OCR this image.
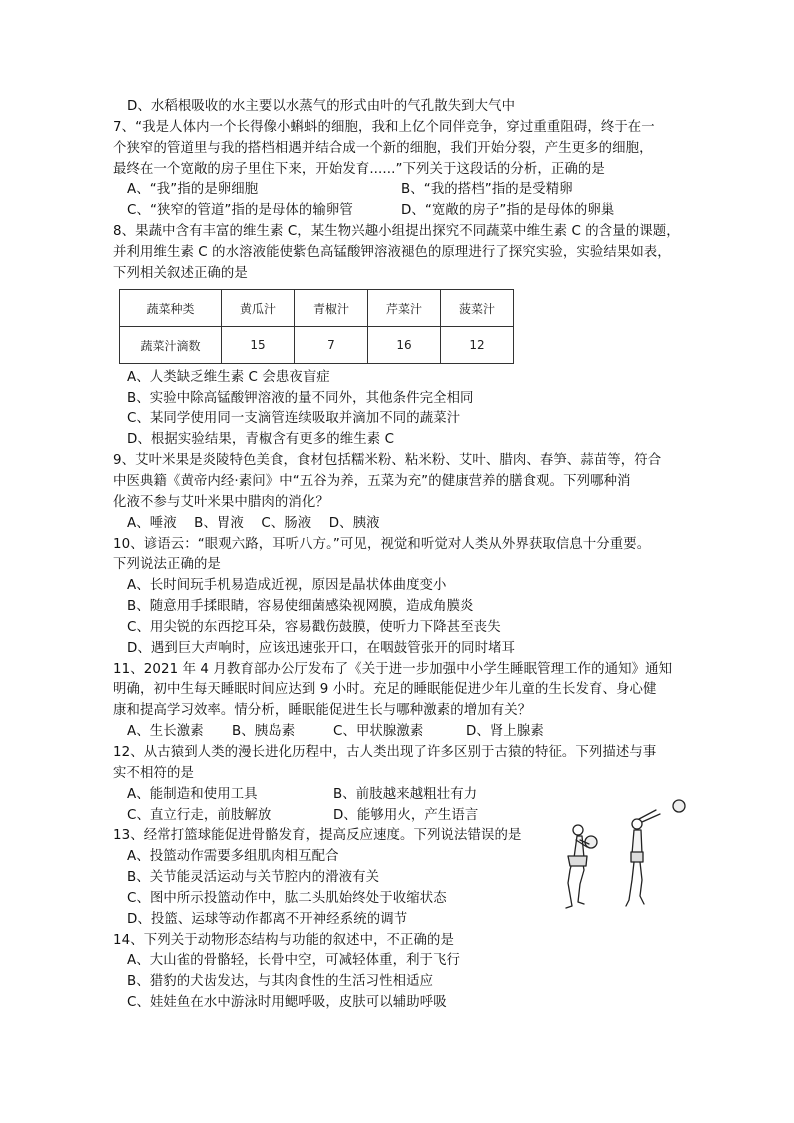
D、水稻根吸收的水主要以水蒸气的形式由叶的气孔散失到大气中
7、“我是人体内一个长得像小蝌蚪的细胞，我和上亿个同伴竞争，穿过重重阻碍，终于在一
个狭窄的管道里与我的搭档相遇并结合成一个新的细胞，我们开始分裂，产生更多的细胞，
最终在一个宽敞的房子里住下来，开始发育......”下列关于这段话的分析，正确的是
A、“我”指的是卵细胞	B、“我的搭档”指的是受精卵
C、“狭窄的管道”指的是母体的输卵管	D、“宽敞的房子”指的是母体的卵巢
8、果蔬中含有丰富的维生素 C，某生物兴趣小组提出探究不同蔬菜中维生素 C 的含量的课题，
并利用维生素 C 的水溶液能使紫色高锰酸钾溶液褪色的原理进行了探究实验，实验结果如表，
下列相关叙述正确的是
蔬菜种类	黄瓜汁	青椒汁	芹菜汁	菠菜汁
蔬菜汁滴数	15	7	16	12
A、人类缺乏维生素 C 会患夜盲症
B、实验中除高锰酸钾溶液的量不同外，其他条件完全相同
C、某同学使用同一支滴管连续吸取并滴加不同的蔬菜汁
D、根据实验结果，青椒含有更多的维生素 C
9、艾叶米果是炎陵特色美食，食材包括糯米粉、粘米粉、艾叶、腊肉、春笋、蒜苗等，符合
中医典籍《黄帝内经·素问》中“五谷为养，五菜为充”的健康营养的膳食观。下列哪种消
化液不参与艾叶米果中腊肉的消化？
A、唾液    B、胃液    C、肠液    D、胰液
10、谚语云：“眼观六路，耳听八方。”可见，视觉和听觉对人类从外界获取信息十分重要。
下列说法正确的是
A、长时间玩手机易造成近视，原因是晶状体曲度变小
B、随意用手揉眼睛，容易使细菌感染视网膜，造成角膜炎
C、用尖锐的东西挖耳朵，容易戳伤鼓膜，使听力下降甚至丧失
D、遇到巨大声响时，应该迅速张开口，在咽鼓管张开的同时堵耳
11、2021 年 4 月教育部办公厅发布了《关于进一步加强中小学生睡眠管理工作的通知》通知
明确，初中生每天睡眠时间应达到 9 小时。充足的睡眠能促进少年儿童的生长发育、身心健
康和提高学习效率。情分析，睡眠能促进生长与哪种激素的增加有关？
A、生长激素 B、胰岛素	C、甲状腺激素	D、肾上腺素
12、从古猿到人类的漫长进化历程中，古人类出现了许多区别于古猿的特征。下列描述与事
实不相符的是
A、能制造和使用工具	B、前肢越来越粗壮有力
C、直立行走，前肢解放	D、能够用火，产生语言
13、经常打篮球能促进骨骼发育，提高反应速度。下列说法错误的是
A、投篮动作需要多组肌肉相互配合
B、关节能灵活运动与关节腔内的滑液有关
C、图中所示投篮动作中，肱二头肌始终处于收缩状态
D、投篮、运球等动作都离不开神经系统的调节
14、下列关于动物形态结构与功能的叙述中，不正确的是
A、大山雀的骨骼轻，长骨中空，可减轻体重，利于飞行
B、猎豹的犬齿发达，与其肉食性的生活习性相适应
C、娃娃鱼在水中游泳时用鳃呼吸，皮肤可以辅助呼吸
